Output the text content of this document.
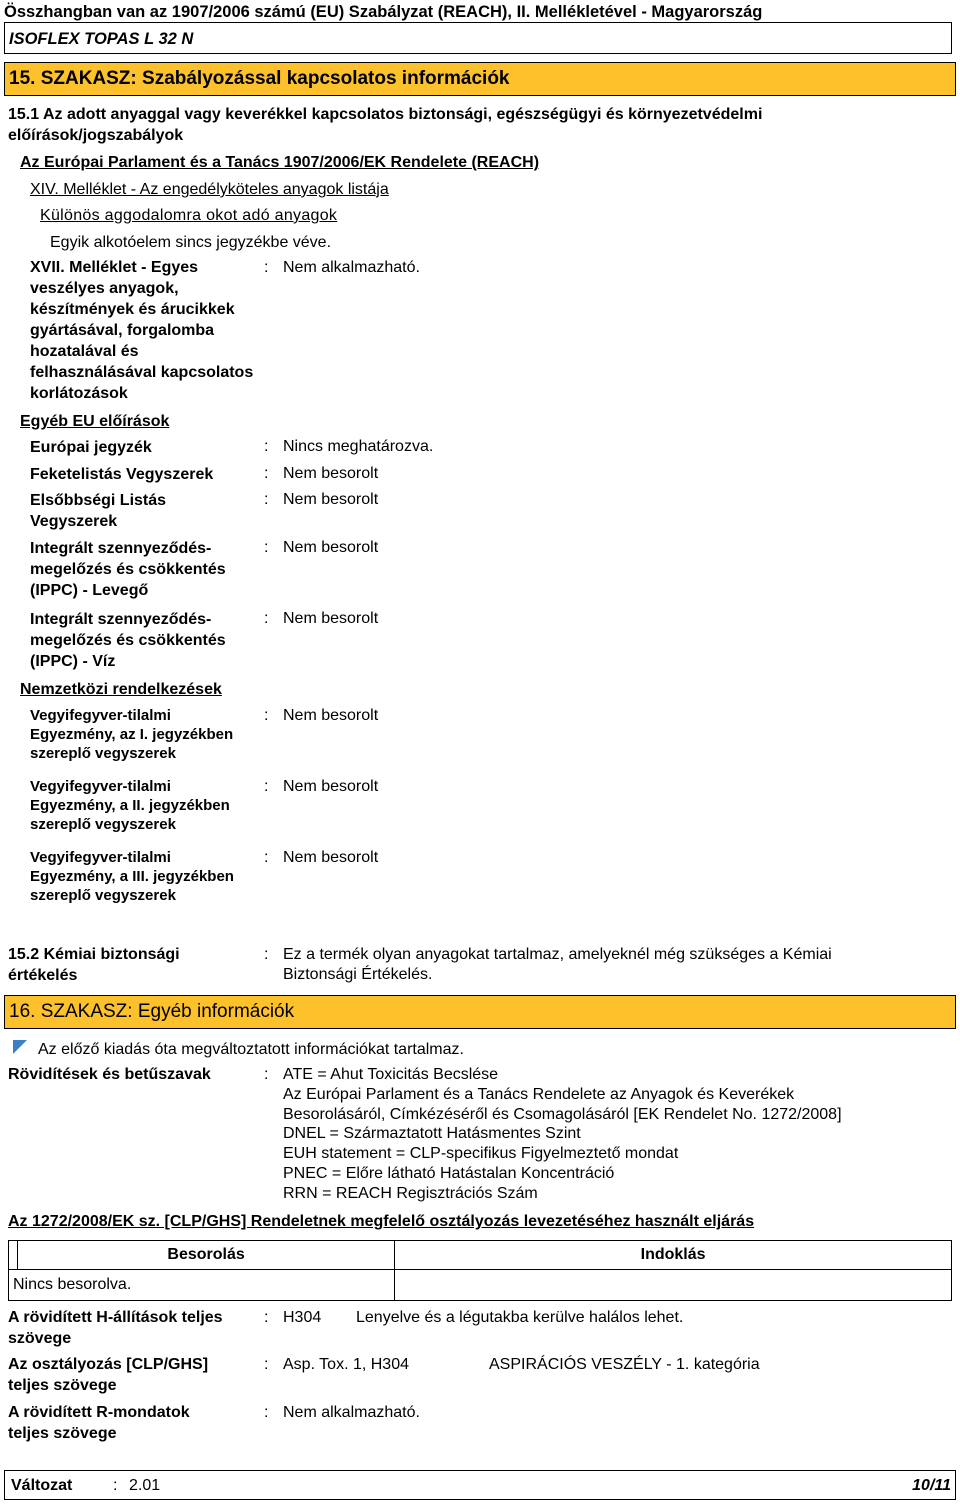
Összhangban van az 1907/2006 számú (EU) Szabályzat (REACH), II. Mellékletével - Magyarország
ISOFLEX TOPAS L 32 N
15. SZAKASZ: Szabályozással kapcsolatos információk
15.1 Az adott anyaggal vagy keverékkel kapcsolatos biztonsági, egészségügyi és környezetvédelmi
előírások/jogszabályok
Az Európai Parlament és a Tanács 1907/2006/EK Rendelete (REACH)
XIV. Melléklet - Az engedélyköteles anyagok listája
Különös aggodalomra okot adó anyagok
Egyik alkotóelem sincs jegyzékbe véve.
XVII. Melléklet - Egyes veszélyes anyagok, készítmények és árucikkek gyártásával, forgalomba hozatalával és felhasználásával kapcsolatos korlátozások
: Nem alkalmazható.
Egyéb EU előírások
Európai jegyzék	: Nincs meghatározva.
Feketelistás Vegyszerek	: Nem besorolt
Elsőbbségi Listás Vegyszerek
: Nem besorolt
Integrált szennyeződés-megelőzés és csökkentés (IPPC) - Levegő
: Nem besorolt
Integrált szennyeződés-megelőzés és csökkentés (IPPC) - Víz
: Nem besorolt
Nemzetközi rendelkezések
Vegyifegyver-tilalmi Egyezmény, az I. jegyzékben szereplő vegyszerek
: Nem besorolt
Vegyifegyver-tilalmi Egyezmény, a II. jegyzékben szereplő vegyszerek
: Nem besorolt
Vegyifegyver-tilalmi Egyezmény, a III. jegyzékben szereplő vegyszerek
: Nem besorolt
15.2 Kémiai biztonsági értékelés
: Ez a termék olyan anyagokat tartalmaz, amelyeknél még szükséges a Kémiai
Biztonsági Értékelés.
16. SZAKASZ: Egyéb információk
Az előző kiadás óta megváltoztatott információkat tartalmaz.
Rövidítések és betűszavak	: ATE = Ahut Toxicitás Becslése
Az Európai Parlament és a Tanács Rendelete az Anyagok és Keverékek
Besorolásáról, Címkézéséről és Csomagolásáról [EK Rendelet No. 1272/2008]
DNEL = Származtatott Hatásmentes Szint
EUH statement = CLP-specifikus Figyelmeztető mondat
PNEC = Előre látható Hatástalan Koncentráció
RRN = REACH Regisztrációs Szám
Az 1272/2008/EK sz. [CLP/GHS] Rendeletnek megfelelő osztályozás levezetéséhez használt eljárás
	Besorolás	Indoklás
Nincs besorolva.		
A rövidített H-állítások teljes szövege
: H304 Lenyelve és a légutakba kerülve halálos lehet.
Az osztályozás [CLP/GHS] teljes szövege
: Asp. Tox. 1, H304	ASPIRÁCIÓS VESZÉLY - 1. kategória
A rövidített R-mondatok teljes szövege
: Nem alkalmazható.
Változat	: 2.01	10/11
